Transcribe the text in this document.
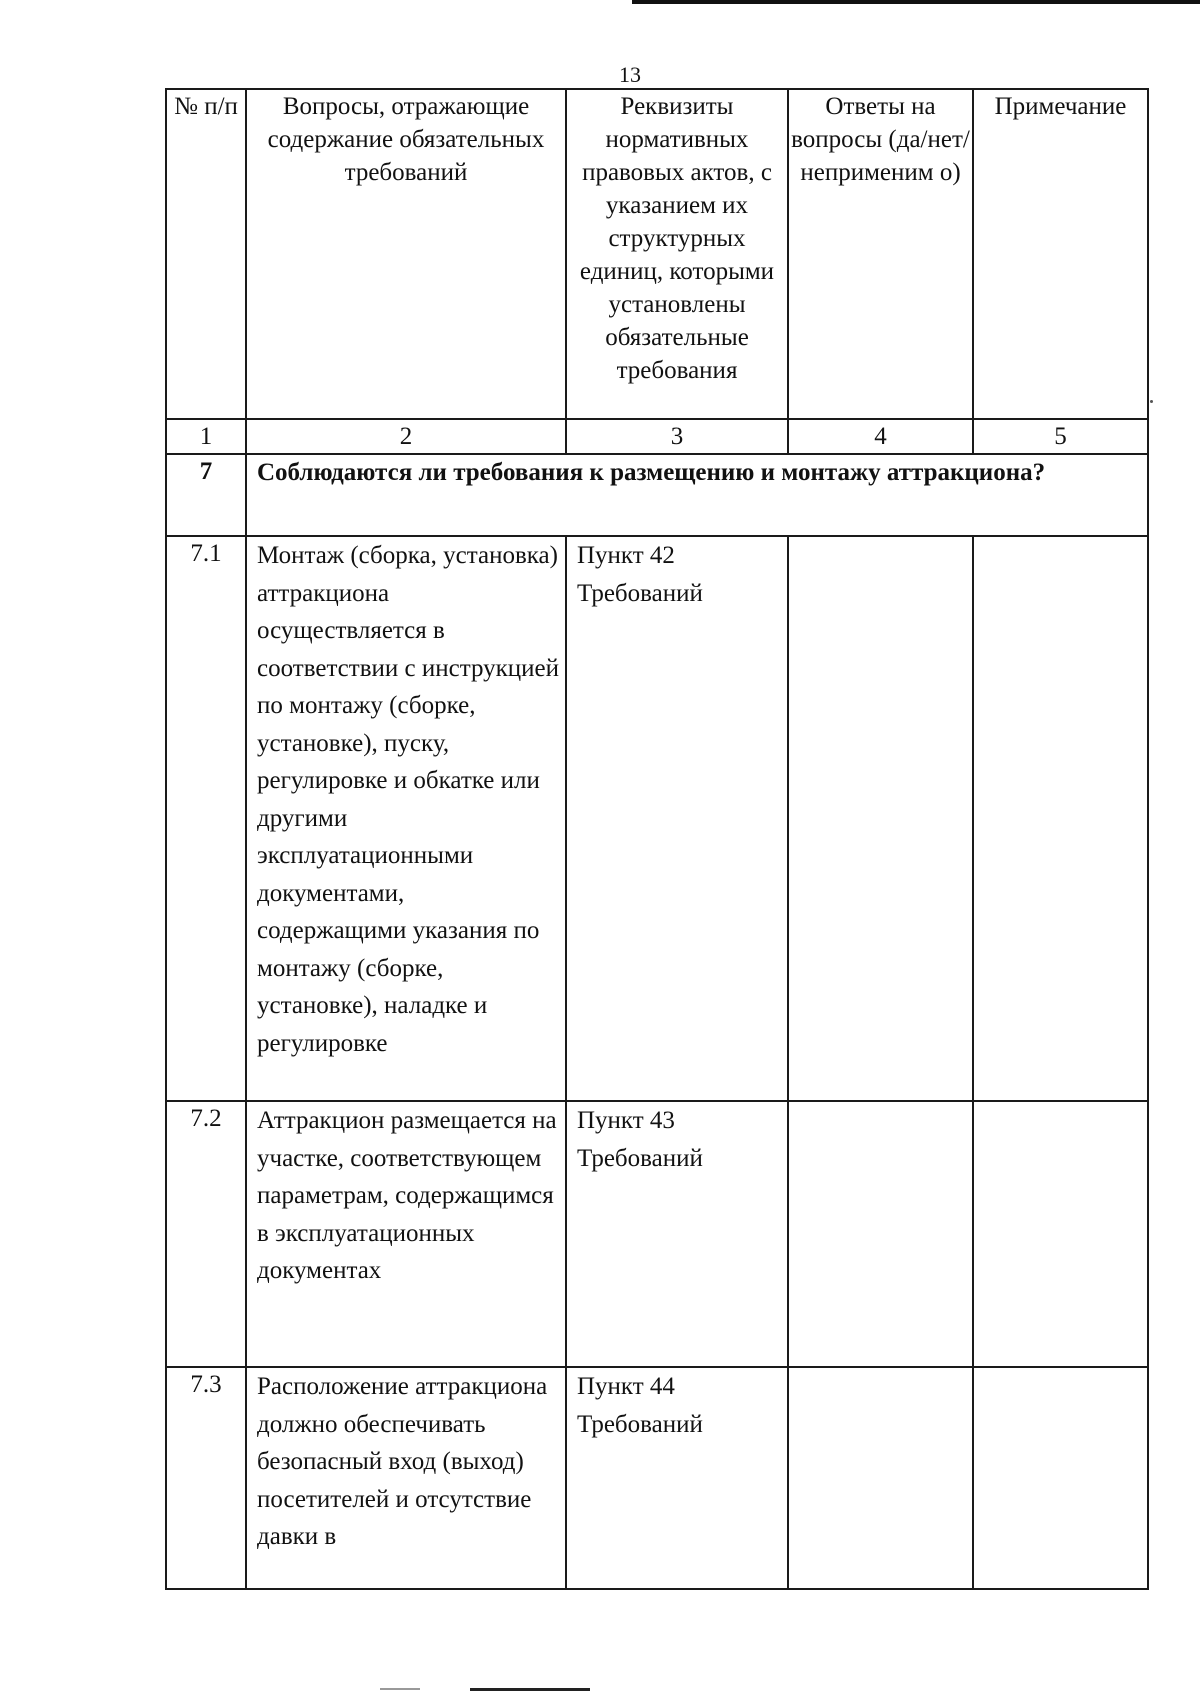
13
№ п/п	Вопросы, отражающие содержание обязательных требований	Реквизиты нормативных правовых актов, с указанием их структурных единиц, которыми установлены обязательные требования	Ответы на вопросы (да/нет/ неприменим о)	Примечание
1	2	3	4	5
7	Соблюдаются ли требования к размещению и монтажу аттракциона?			
7.1	Монтаж (сборка, установка) аттракциона осуществляется в соответствии с инструкцией по монтажу (сборке, установке), пуску, регулировке и обкатке или другими эксплуатационными документами, содержащими указания по монтажу (сборке, установке), наладке и регулировке	Пункт 42 Требований		
7.2	Аттракцион размещается на участке, соответствующем параметрам, содержащимся в эксплуатационных документах	Пункт 43 Требований		
7.3	Расположение аттракциона должно обеспечивать безопасный вход (выход) посетителей и отсутствие давки в	Пункт 44 Требований		
